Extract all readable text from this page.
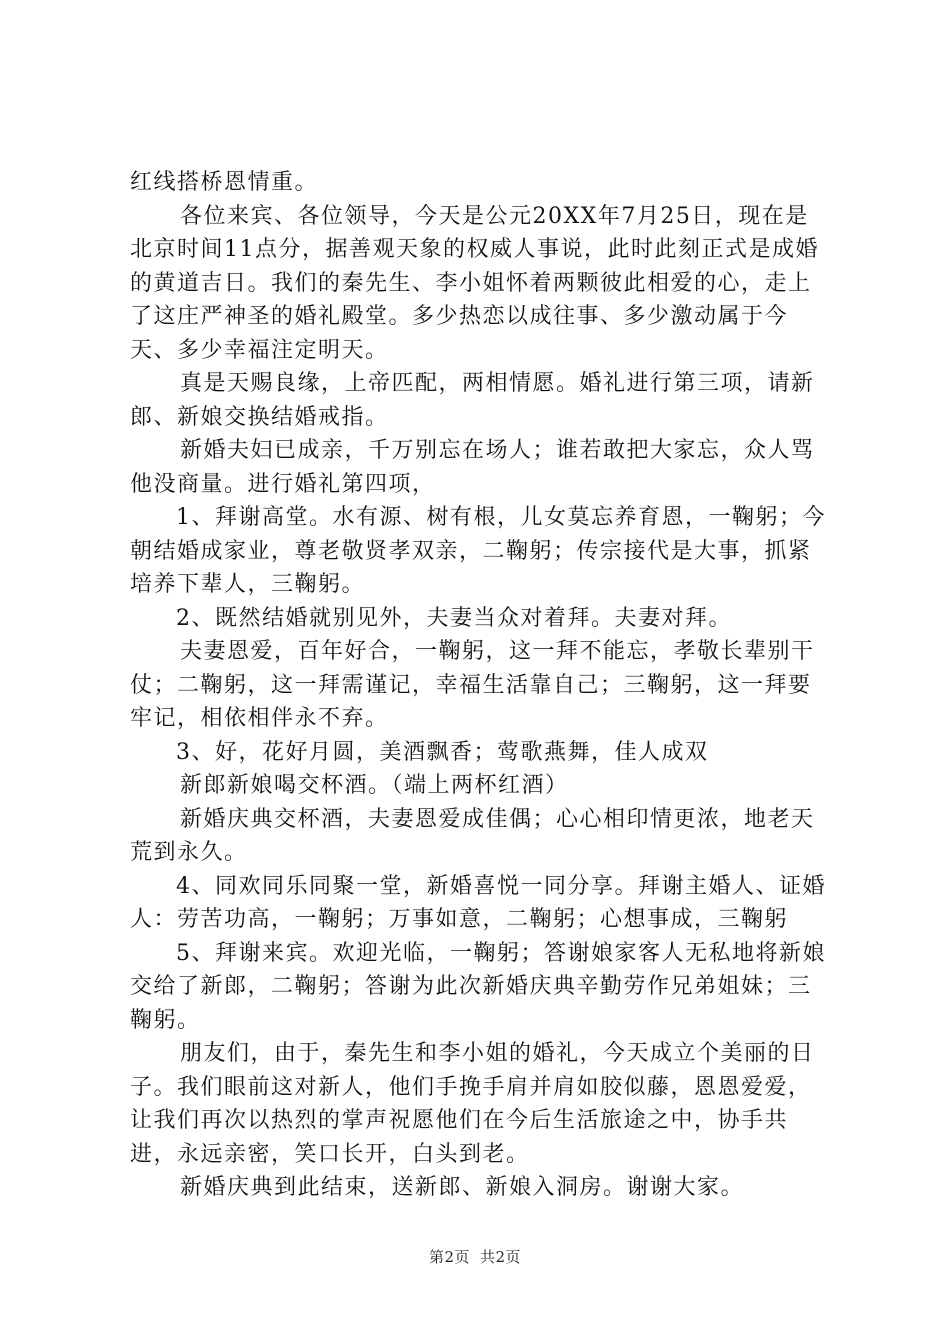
红线搭桥恩情重。

各位来宾、各位领导，今天是公元20XX年7月25日，现在是北京时间11点分，据善观天象的权威人事说，此时此刻正式是成婚的黄道吉日。我们的秦先生、李小姐怀着两颗彼此相爱的心，走上了这庄严神圣的婚礼殿堂。多少热恋以成往事、多少激动属于今天、多少幸福注定明天。

真是天赐良缘，上帝匹配，两相情愿。婚礼进行第三项，请新郎、新娘交换结婚戒指。

新婚夫妇已成亲，千万别忘在场人；谁若敢把大家忘，众人骂他没商量。进行婚礼第四项，

1、拜谢高堂。水有源、树有根，儿女莫忘养育恩，一鞠躬；今朝结婚成家业，尊老敬贤孝双亲，二鞠躬；传宗接代是大事，抓紧培养下辈人，三鞠躬。

2、既然结婚就别见外，夫妻当众对着拜。夫妻对拜。

夫妻恩爱，百年好合，一鞠躬，这一拜不能忘，孝敬长辈别干仗；二鞠躬，这一拜需谨记，幸福生活靠自己；三鞠躬，这一拜要牢记，相依相伴永不弃。

3、好，花好月圆，美酒飘香；莺歌燕舞，佳人成双

新郎新娘喝交杯酒。（端上两杯红酒）

新婚庆典交杯酒，夫妻恩爱成佳偶；心心相印情更浓，地老天荒到永久。

4、同欢同乐同聚一堂，新婚喜悦一同分享。拜谢主婚人、证婚人：劳苦功高，一鞠躬；万事如意，二鞠躬；心想事成，三鞠躬

5、拜谢来宾。欢迎光临，一鞠躬；答谢娘家客人无私地将新娘交给了新郎，二鞠躬；答谢为此次新婚庆典辛勤劳作兄弟姐妹；三鞠躬。

朋友们，由于，秦先生和李小姐的婚礼，今天成立个美丽的日子。我们眼前这对新人，他们手挽手肩并肩如胶似藤，恩恩爱爱，让我们再次以热烈的掌声祝愿他们在今后生活旅途之中，协手共进，永远亲密，笑口长开，白头到老。

新婚庆典到此结束，送新郎、新娘入洞房。谢谢大家。

第2页 共2页
